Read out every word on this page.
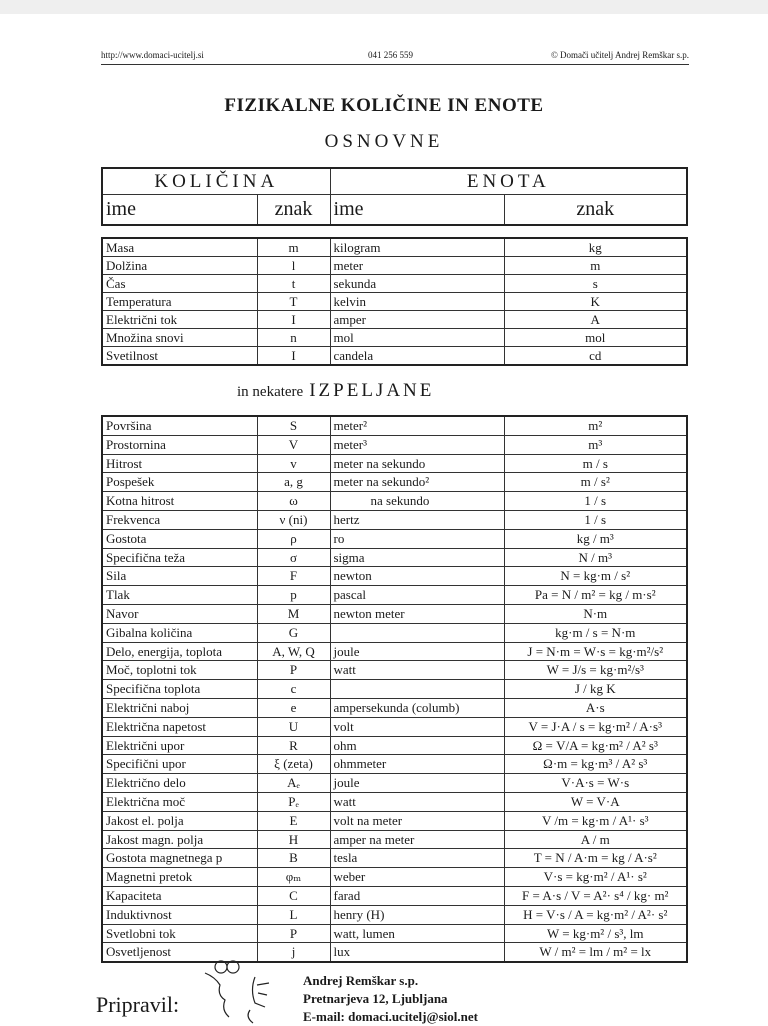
http://www.domaci-ucitelj.si	041 256 559	© Domači učitelj Andrej Remškar s.p.
FIZIKALNE KOLIČINE IN ENOTE
OSNOVNE
KOLIČINA		ENOTA	
ime	znak	ime	znak
Masa	m	kilogram	kg
Dolžina	l	meter	m
Čas	t	sekunda	s
Temperatura	T	kelvin	K
Električni tok	I	amper	A
Množina snovi	n	mol	mol
Svetilnost	I	candela	cd
in nekatere IZPELJANE
Površina	S	meter²	m²
Prostornina	V	meter³	m³
Hitrost	v	meter na sekundo	m / s
Pospešek	a, g	meter na sekundo²	m / s²
Kotna hitrost	ω	na sekundo	1 / s
Frekvenca	ν (ni)	hertz	1 / s
Gostota	ρ	ro	kg / m³
Specifična teža	σ	sigma	N / m³
Sila	F	newton	N = kg·m / s²
Tlak	p	pascal	Pa = N / m² = kg / m·s²
Navor	M	newton meter	N·m
Gibalna količina	G		kg·m / s = N·m
Delo, energija, toplota	A, W, Q	joule	J = N·m = W·s = kg·m²/s²
Moč, toplotni tok	P	watt	W = J/s = kg·m²/s³
Specifična toplota	c		J / kg K
Električni naboj	e	ampersekunda (columb)	A·s
Električna napetost	U	volt	V = J·A / s = kg·m² / A·s³
Električni upor	R	ohm	Ω = V/A = kg·m² / A² s³
Specifični upor	ξ (zeta)	ohmmeter	Ω·m = kg·m³ / A² s³
Električno delo	Aₑ	joule	V·A·s = W·s
Električna moč	Pₑ	watt	W = V·A
Jakost el. polja	E	volt na meter	V /m = kg·m / A¹· s³
Jakost magn. polja	H	amper na meter	A / m
Gostota magnetnega p	B	tesla	T = N / A·m = kg / A·s²
Magnetni pretok	φₘ	weber	V·s = kg·m² / A¹· s²
Kapaciteta	C	farad	F = A·s / V = A²· s⁴ / kg· m²
Induktivnost	L	henry (H)	H = V·s / A = kg·m² / A²· s²
Svetlobni tok	P	watt, lumen	W = kg·m² / s³, lm
Osvetljenost	j	lux	W / m² = lm / m² = lx
Pripravil:
Andrej Remškar s.p.
Pretnarjeva 12, Ljubljana
E-mail: domaci.ucitelj@siol.net
